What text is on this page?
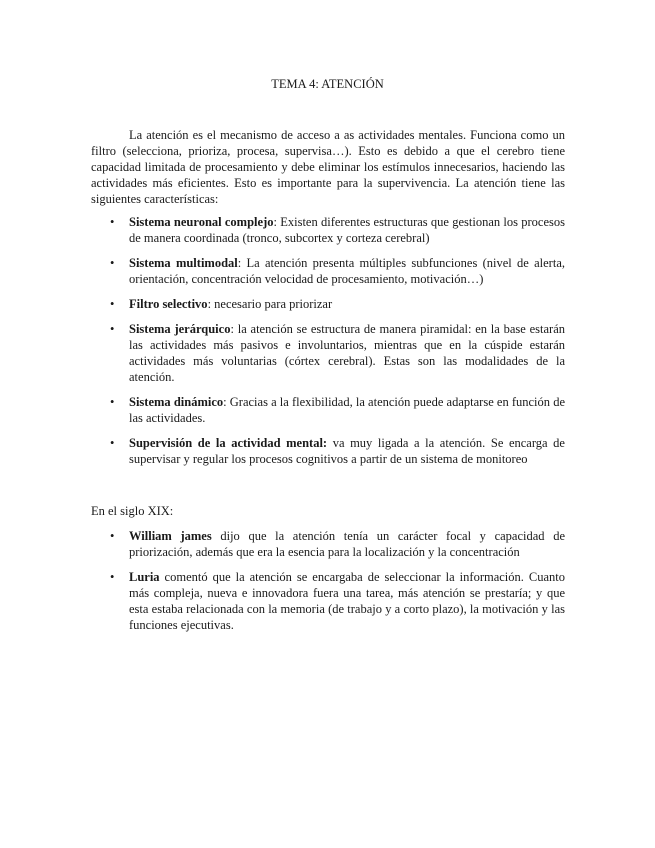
TEMA 4: ATENCIÓN

La atención es el mecanismo de acceso a as actividades mentales. Funciona como un filtro (selecciona, prioriza, procesa, supervisa…). Esto es debido a que el cerebro tiene capacidad limitada de procesamiento y debe eliminar los estímulos innecesarios, haciendo las actividades más eficientes. Esto es importante para la supervivencia. La atención tiene las siguientes características:

• Sistema neuronal complejo: Existen diferentes estructuras que gestionan los procesos de manera coordinada (tronco, subcortex y corteza cerebral)
• Sistema multimodal: La atención presenta múltiples subfunciones (nivel de alerta, orientación, concentración velocidad de procesamiento, motivación…)
• Filtro selectivo: necesario para priorizar
• Sistema jerárquico: la atención se estructura de manera piramidal: en la base estarán las actividades más pasivos e involuntarios, mientras que en la cúspide estarán actividades más voluntarias (córtex cerebral). Estas son las modalidades de la atención.
• Sistema dinámico: Gracias a la flexibilidad, la atención puede adaptarse en función de las actividades.
• Supervisión de la actividad mental: va muy ligada a la atención. Se encarga de supervisar y regular los procesos cognitivos a partir de un sistema de monitoreo
En el siglo XIX:
• William james dijo que la atención tenía un carácter focal y capacidad de priorización, además que era la esencia para la localización y la concentración
• Luria comentó que la atención se encargaba de seleccionar la información. Cuanto más compleja, nueva e innovadora fuera una tarea, más atención se prestaría; y que esta estaba relacionada con la memoria (de trabajo y a corto plazo), la motivación y las funciones ejecutivas.
